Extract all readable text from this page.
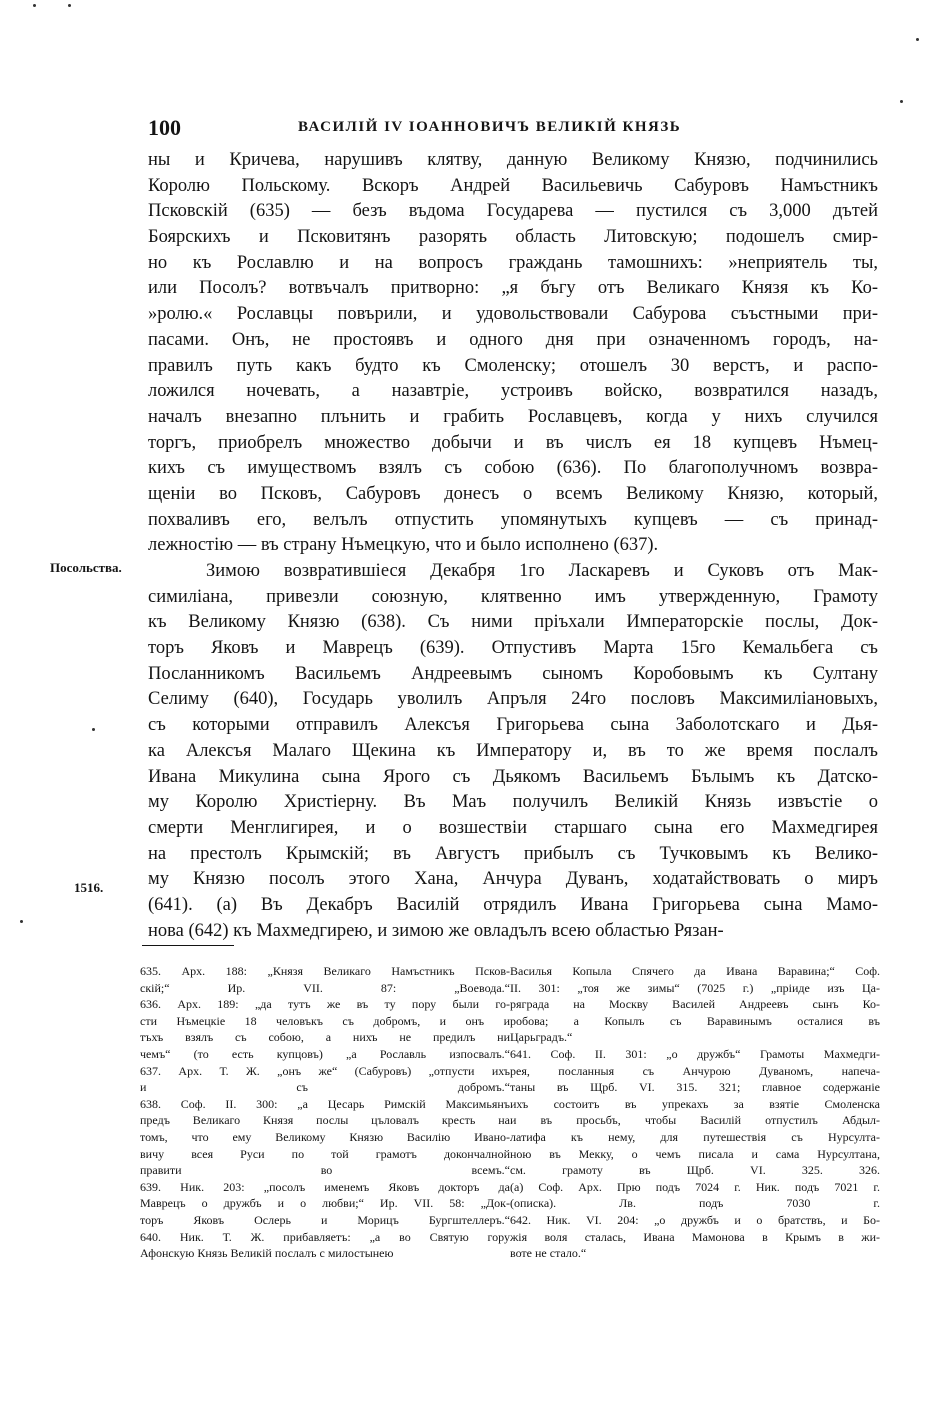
100	ВАСИЛІЙ IV ІОАННОВИЧЪ ВЕЛИКІЙ КНЯЗЬ
ны и Кричева, нарушивъ клятву, данную Великому Князю, подчинились
Королю Польскому. Вскоръ Андрей Васильевичь Сабуровъ Намъстникъ
Псковскій (635) — безъ въдома Государева — пустился съ 3,000 дътей
Боярскихъ и Псковитянъ разорять область Литовскую; подошелъ смир-
но къ Рославлю и на вопросъ граждань тамошнихъ: »неприятель ты,
или Посолъ? вотвъчалъ притворно: „я бъгу отъ Великаго Князя къ Ко-
»ролю.« Рославцы повърили, и удовольствовали Сабурова съъстными при-
пасами. Онъ, не простоявъ и одного дня при означенномъ городъ, на-
правилъ путь какъ будто къ Смоленску; отошелъ 30 верстъ, и распо-
ложился ночевать, а назавтріе, устроивъ войско, возвратился назадъ,
началъ внезапно плънить и грабить Рославцевъ, когда у нихъ случился
торгъ, приобрелъ множество добычи и въ числъ ея 18 купцевъ Нъмец-
кихъ съ имуществомъ взялъ съ собою (636). По благополучномъ возвра-
щеніи во Псковъ, Сабуровъ донесъ о всемъ Великому Князю, который,
похваливъ его, велълъ отпустить упомянутыхъ купцевъ — съ принад-
лежностію — въ страну Нъмецкую, что и было исполнено (637).
Зимою возвратившіеся Декабря 1го Ласкаревъ и Суковъ отъ Мак-
симиліана, привезли союзную, клятвенно имъ утвержденную, Грамоту
къ Великому Князю (638). Съ ними пріъхали Императорскіе послы, Док-
торъ Яковъ и Маврецъ (639). Отпустивъ Марта 15го Кемальбега съ
Посланникомъ Васильемъ Андреевымъ сыномъ Коробовымъ къ Султану
Селиму (640), Государь уволилъ Апръля 24го пословъ Максимиліановыхъ,
съ которыми отправилъ Алексъя Григорьева сына Заболотскаго и Дья-
ка Алексъя Малаго Щекина къ Императору и, въ то же время послалъ
Ивана Микулина сына Ярого съ Дьякомъ Васильемъ Бълымъ къ Датско-
му Королю Христіерну. Въ Маъ получилъ Великій Князь извъстіе о
смерти Менглигирея, и о возшествіи старшаго сына его Махмедгирея
на престолъ Крымскій; въ Августъ прибылъ съ Тучковымъ къ Велико-
му Князю посолъ этого Хана, Анчура Дуванъ, ходатайствовать о миръ
(641). (а) Въ Декабръ Василій отрядилъ Ивана Григорьева сына Мамо-
нова (642) къ Махмедгирею, и зимою же овладълъ всею областью Рязан-
Посольства.
1516.
635. Арх. 188: „Князя Великаго Намъстникъ Псков-
скій;“ Ир. VII. 87: „Воевода.“
636. Арх. 189: „да тутъ же въ ту пору были го-
сти Нъмецкіе 18 человъкъ съ добромъ, и онъ и
тъхъ взялъ съ собою, а нихъ не предилъ ни
чемъ“ (то есть купцовъ) „а Рославль изпосвалъ.“
637. Арх. Т. Ж. „онъ же“ (Сабуровъ) „отпусти ихъ
и съ добромъ.“
638. Соф. II. 300: „а Цесарь Римскій Максимьянъ
предъ Великаго Князя послы цъловалъ кресть на
томъ, что ему Великому Князю Василію Ивано-
вичу всея Руси по той грамотъ докончалной
правити во всемъ.“
639. Ник. 203: „посолъ именемъ Яковъ докторъ да
Маврецъ о дружбъ и о любви;“ Ир. VII. 58: „Док-
торъ Яковъ Ослерь и Морицъ Бургштеллеръ.“
640. Ник. Т. Ж. прибавляетъ: „а во Святую гору
Афонскую Князь Великій послалъ с милостынею
Василья Копыла Спячего да Ивана Варавина;“ Соф.
II. 301: „тоя же зимы“ (7025 г.) „пріиде изъ Ца-
ряграда на Москву Василей Андреевъ сынъ Ко-
робова; а Копылъ съ Варавинымъ осталися въ
Царьградъ.“
641. Соф. II. 301: „о дружбъ“ Грамоты Махмедги-
рея, посланныя съ Анчурою Дуваномъ, напеча-
таны въ Щрб. VI. 315. 321; главное содержаніе
ихъ состоитъ въ упрекахъ за взятіе Смоленска
и въ просьбъ, чтобы Василій отпустилъ Абдыл-
латифа къ нему, для путешествія съ Нурсулта-
ною въ Мекку, о чемъ писала и сама Нурсултана,
см. грамоту въ Щрб. VI. 325. 326.
(а) Соф. Арх. Прю подъ 7024 г. Ник. подъ 7021 г.
(описка). Лв. подъ 7030 г.
642. Ник. VI. 204: „о дружбъ и о братствъ, и Бо-
жія воля сталась, Ивана Мамонова в Крымъ в жи-
воте не стало.“
